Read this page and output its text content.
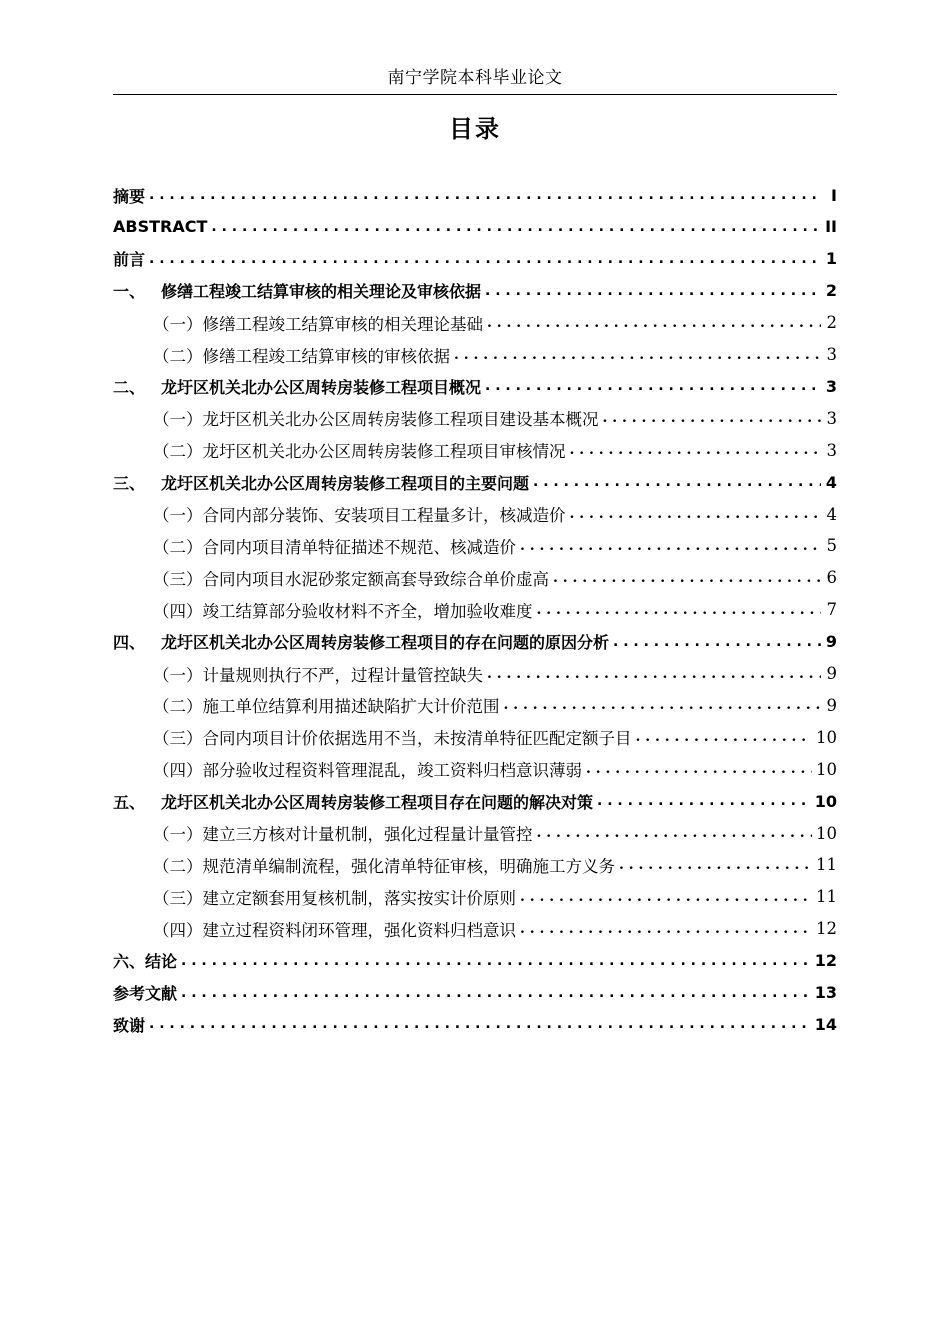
南宁学院本科毕业论文
目录
摘要 . . .	I
ABSTRACT . . .	II
前言 . . .	1
一、 修缮工程竣工结算审核的相关理论及审核依据 . . .	2
（一）修缮工程竣工结算审核的相关理论基础 . . .	2
（二）修缮工程竣工结算审核的审核依据 . . .	3
二、 龙圩区机关北办公区周转房装修工程项目概况 . . .	3
（一）龙圩区机关北办公区周转房装修工程项目建设基本概况 . . .	3
（二）龙圩区机关北办公区周转房装修工程项目审核情况 . . .	3
三、 龙圩区机关北办公区周转房装修工程项目的主要问题 . . .	4
（一）合同内部分装饰、安装项目工程量多计，核减造价 . . .	4
（二）合同内项目清单特征描述不规范、核减造价 . . .	5
（三）合同内项目水泥砂浆定额高套导致综合单价虚高 . . .	6
（四）竣工结算部分验收材料不齐全，增加验收难度 . . .	7
四、 龙圩区机关北办公区周转房装修工程项目的存在问题的原因分析 . . .	9
（一）计量规则执行不严，过程计量管控缺失 . . .	9
（二）施工单位结算利用描述缺陷扩大计价范围 . . .	9
（三）合同内项目计价依据选用不当，未按清单特征匹配定额子目 . . .	10
（四）部分验收过程资料管理混乱，竣工资料归档意识薄弱 . . .	10
五、 龙圩区机关北办公区周转房装修工程项目存在问题的解决对策 . . .	10
（一）建立三方核对计量机制，强化过程量计量管控 . . .	10
（二）规范清单编制流程，强化清单特征审核，明确施工方义务 . . .	11
（三）建立定额套用复核机制，落实按实计价原则 . . .	11
（四）建立过程资料闭环管理，强化资料归档意识 . . .	12
六、结论 . . .	12
参考文献 . . .	13
致谢 . . .	14
